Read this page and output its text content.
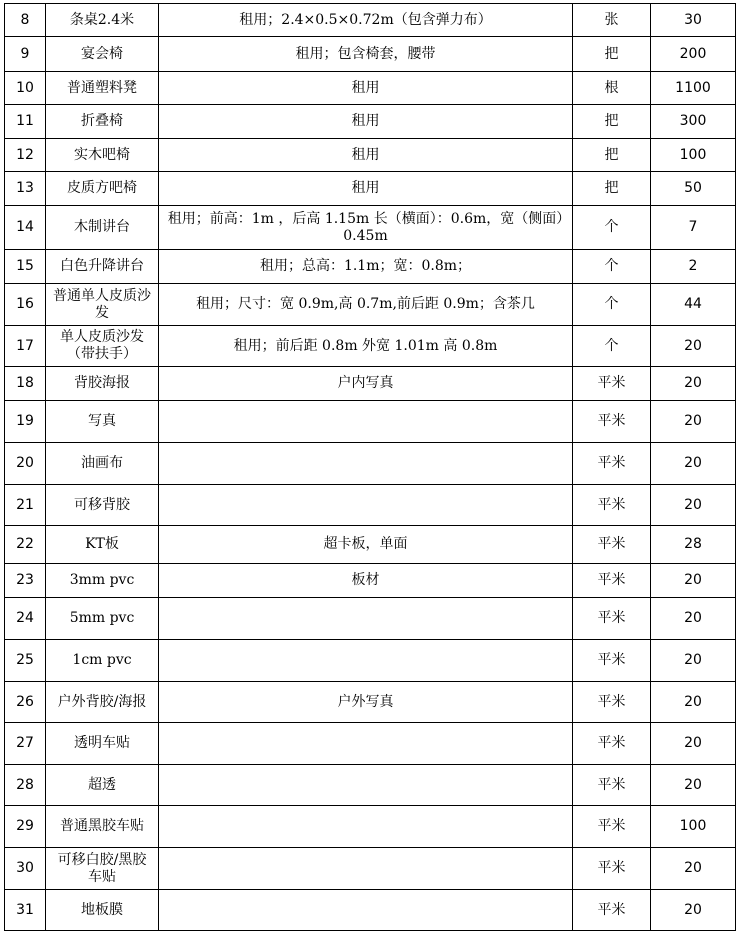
8	条桌2.4米	租用；2.4×0.5×0.72m（包含弹力布）	张	30
9	宴会椅	租用；包含椅套，腰带	把	200
10	普通塑料凳	租用	根	1100
11	折叠椅	租用	把	300
12	实木吧椅	租用	把	100
13	皮质方吧椅	租用	把	50
14	木制讲台	租用；前高：1m ，后高 1.15m 长（横面）：0.6m，宽（侧面）0.45m	个	7
15	白色升降讲台	租用；总高：1.1m；宽：0.8m；	个	2
16	普通单人皮质沙发	租用；尺寸：宽 0.9m,高 0.7m,前后距 0.9m；含茶几	个	44
17	单人皮质沙发（带扶手）	租用；前后距 0.8m 外宽 1.01m 高 0.8m	个	20
18	背胶海报	户内写真	平米	20
19	写真		平米	20
20	油画布		平米	20
21	可移背胶		平米	20
22	KT板	超卡板，单面	平米	28
23	3mm pvc	板材	平米	20
24	5mm pvc		平米	20
25	1cm pvc		平米	20
26	户外背胶/海报	户外写真	平米	20
27	透明车贴		平米	20
28	超透		平米	20
29	普通黑胶车贴		平米	100
30	可移白胶/黑胶车贴		平米	20
31	地板膜		平米	20
